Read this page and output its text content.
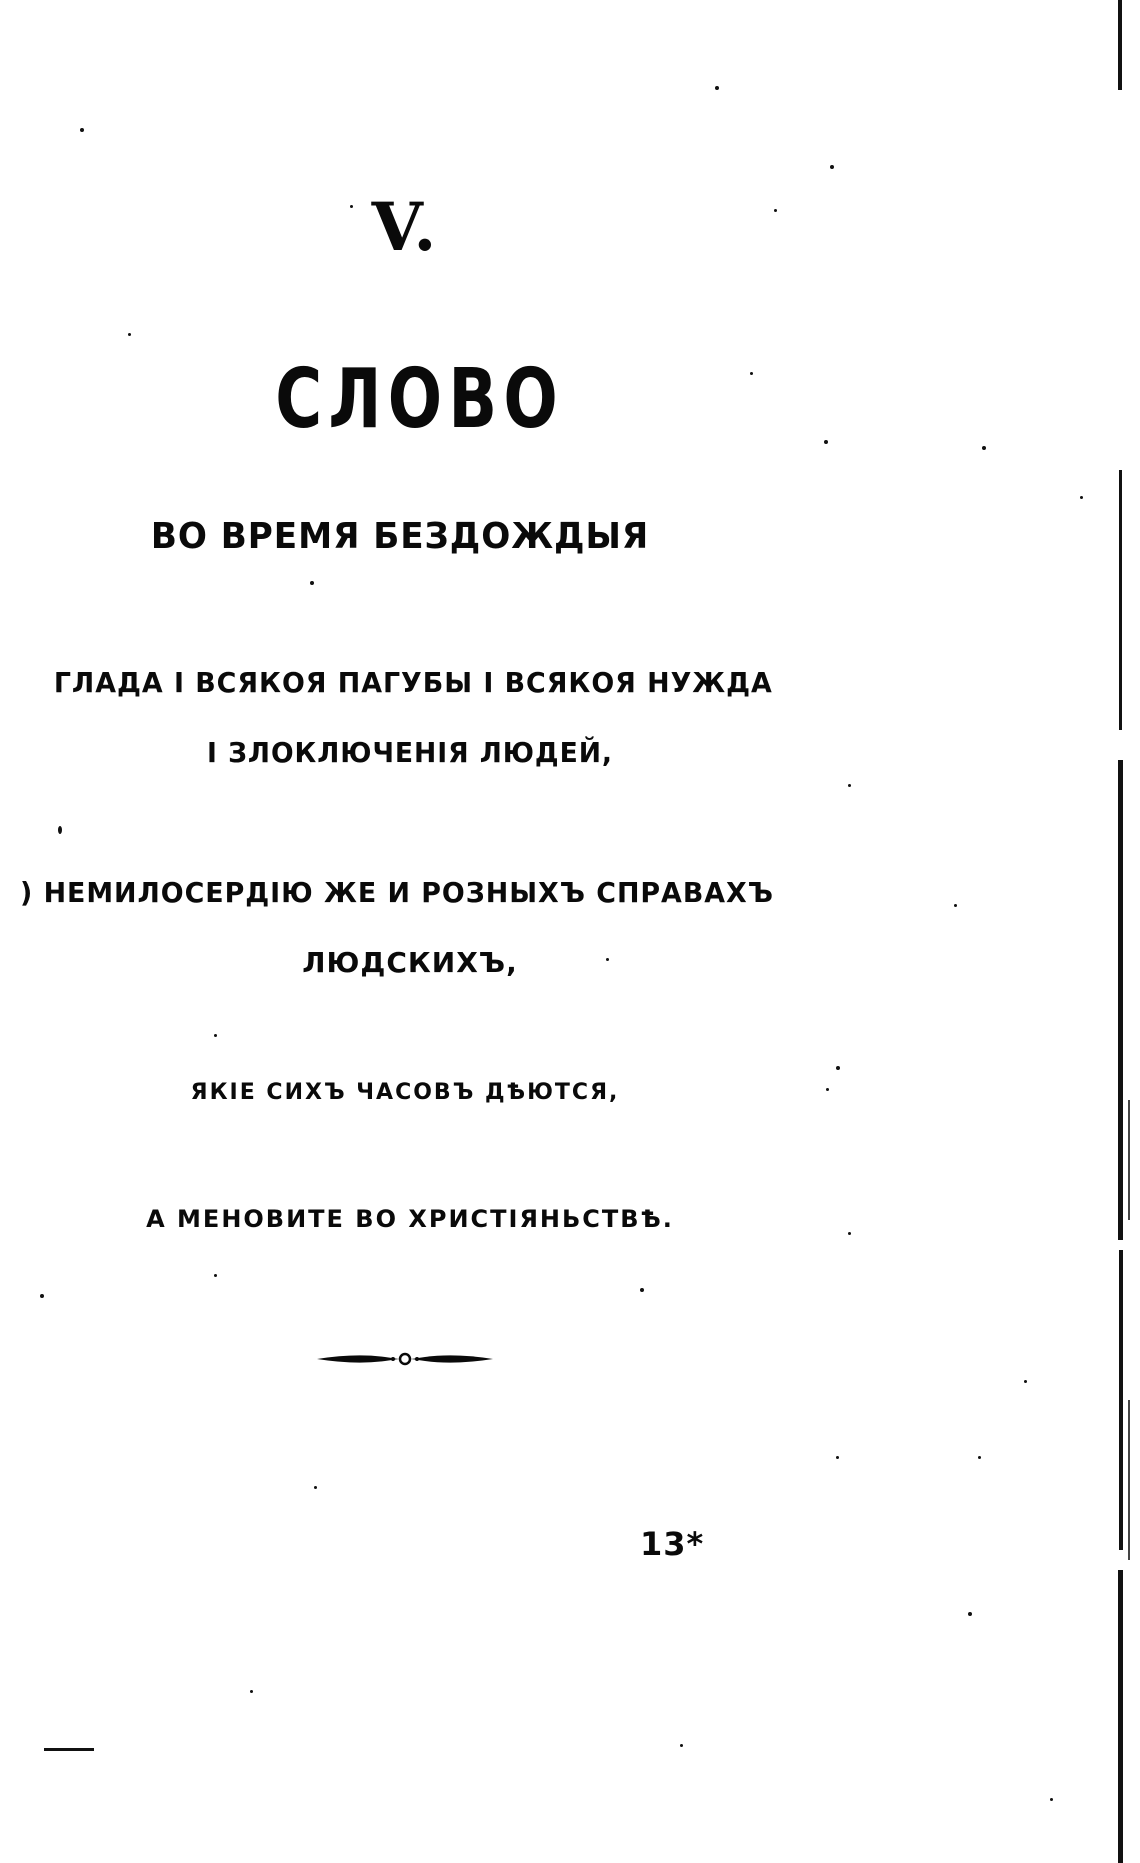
V.
СЛОВО
ВО ВРЕМЯ БЕЗДОЖДЫЯ
ГЛАДА І ВСЯКОЯ ПАГУБЫ І ВСЯКОЯ НУЖДА
І ЗЛОКЛЮЧЕНІЯ ЛЮДЕЙ,
) НЕМИЛОСЕРДІЮ ЖЕ И РОЗНЫХЪ СПРАВАХЪ
ЛЮДСКИХЪ,
ЯКІЕ СИХЪ ЧАСОВЪ ДѢЮТСЯ,
А МЕНОВИТЕ ВО ХРИСТІЯНЬСТВѢ.
13*
